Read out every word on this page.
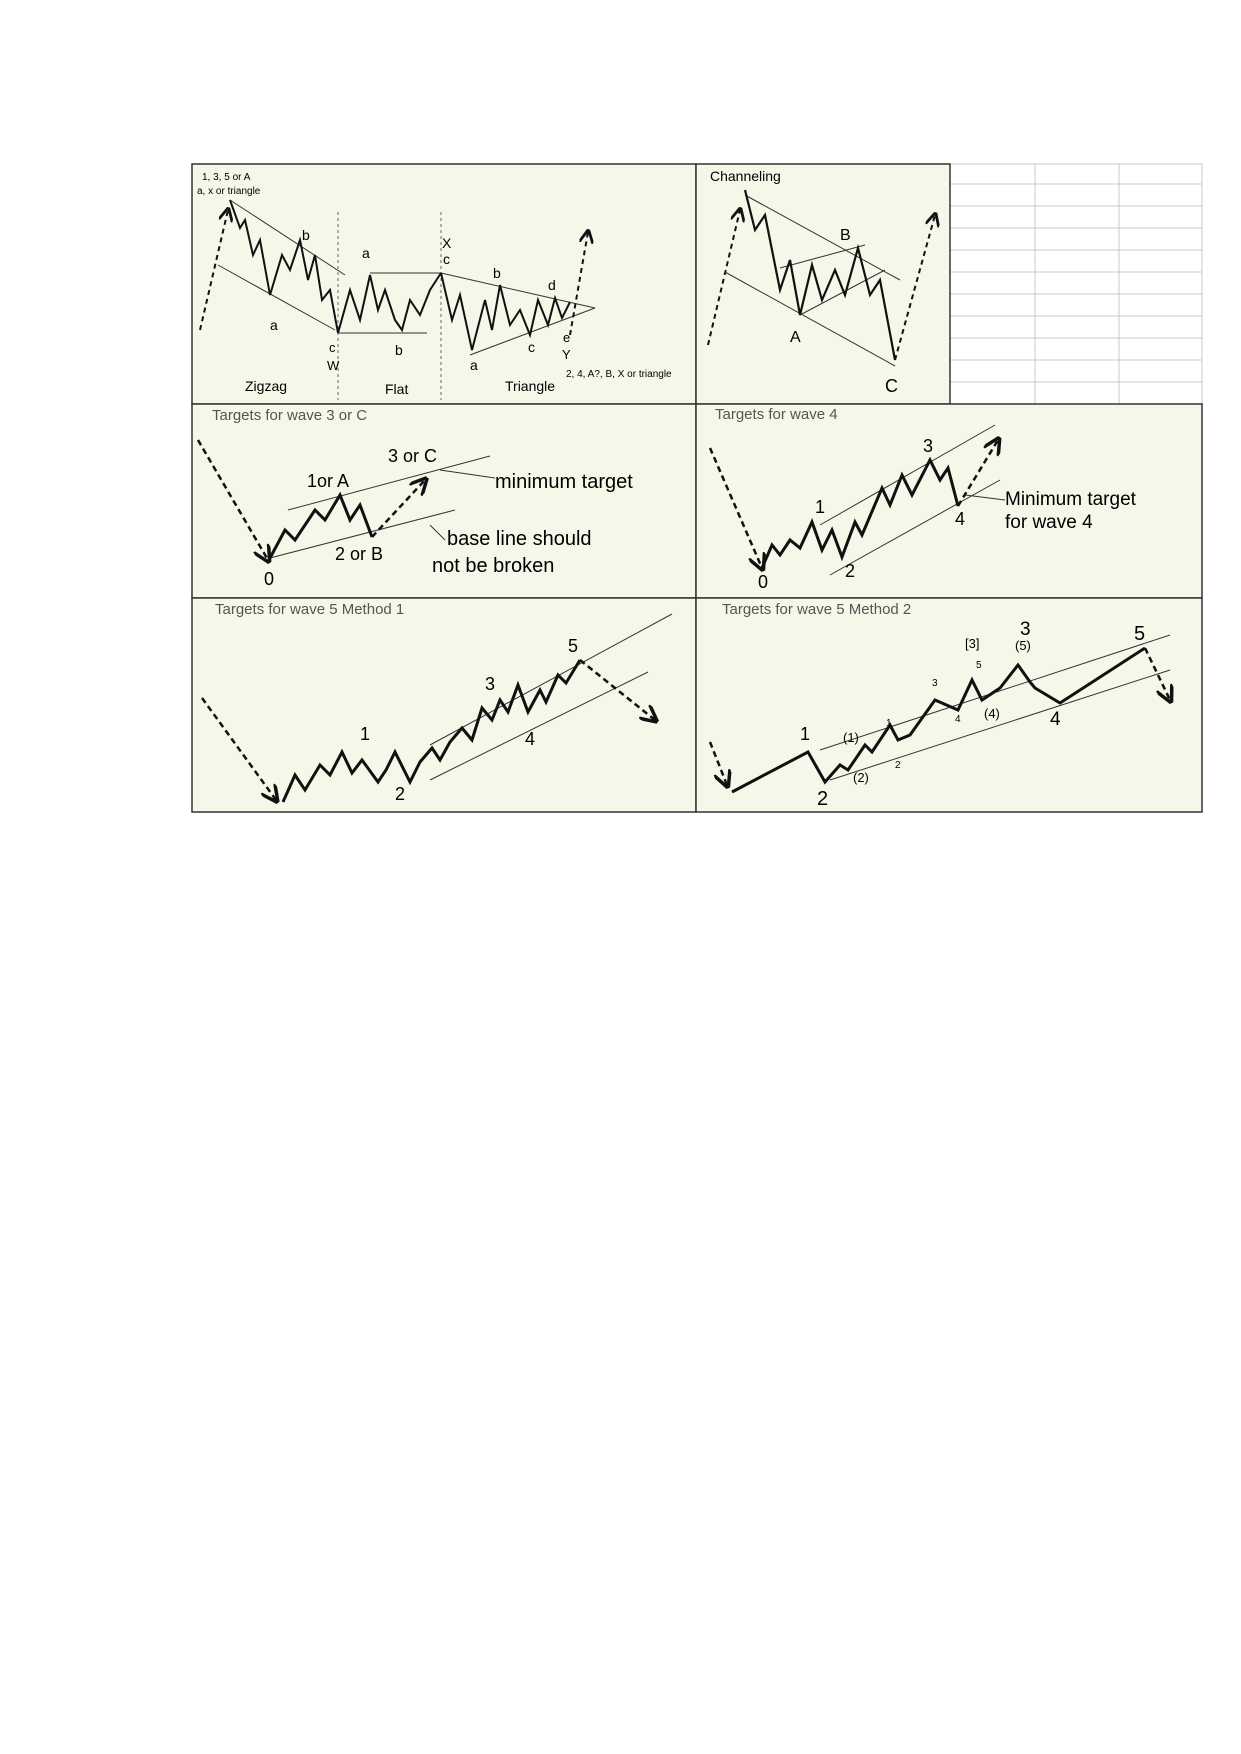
1, 3, 5 or A
a, x or triangle
b
a
c
W
Zigzag
a
b
X
c
Flat
a
b
c
d
e
Y
Triangle
2, 4, A?, B, X or triangle
Channeling
A
B
C
Targets for wave 3 or C
0
1or A
2 or B
3 or C
minimum target
base line should
not be broken
Targets for wave 4
0
1
2
3
4
Minimum target
for wave 4
Targets for wave 5 Method 1
1
2
3
4
5
Targets for wave 5 Method 2
1
2
3
4
5
(1)
(2)
[3]
(4)
(5)
1
2
3
4
5
